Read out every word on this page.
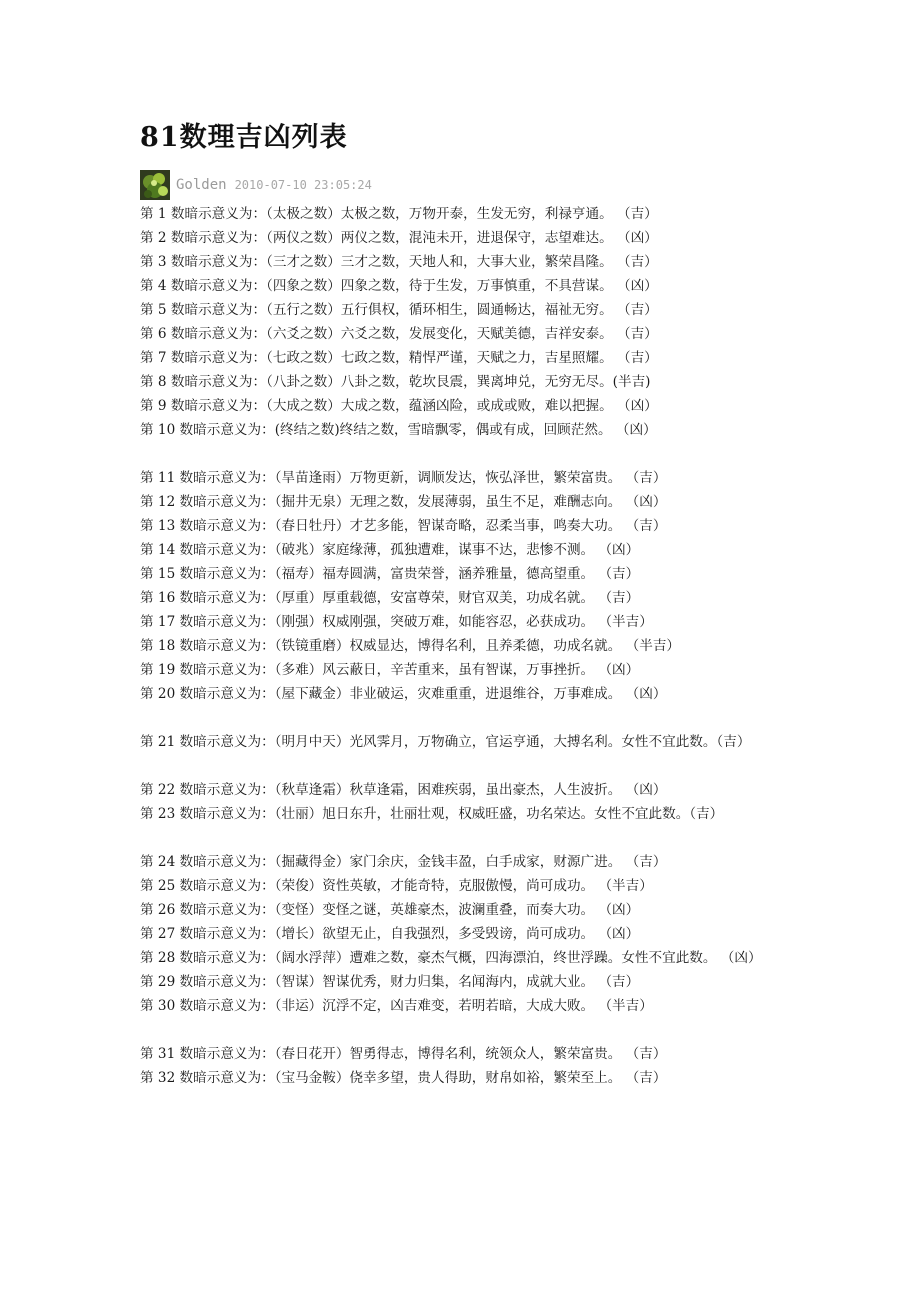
81数理吉凶列表
Golden 2010-07-10 23:05:24
第 1 数暗示意义为：（太极之数）太极之数，万物开泰，生发无穷，利禄亨通。 （吉）
第 2 数暗示意义为：（两仪之数）两仪之数，混沌未开，进退保守，志望难达。 （凶）
第 3 数暗示意义为：（三才之数）三才之数，天地人和，大事大业，繁荣昌隆。 （吉）
第 4 数暗示意义为：（四象之数）四象之数，待于生发，万事慎重，不具营谋。 （凶）
第 5 数暗示意义为：（五行之数）五行俱权，循环相生，圆通畅达，福祉无穷。 （吉）
第 6 数暗示意义为：（六爻之数）六爻之数，发展变化，天赋美德，吉祥安泰。 （吉）
第 7 数暗示意义为：（七政之数）七政之数，精悍严谨，天赋之力，吉星照耀。 （吉）
第 8 数暗示意义为：（八卦之数）八卦之数，乾坎艮震，巽离坤兑，无穷无尽。(半吉)
第 9 数暗示意义为：（大成之数）大成之数，蕴涵凶险，或成或败，难以把握。 （凶）
第 10 数暗示意义为：(终结之数)终结之数，雪暗飘零，偶或有成，回顾茫然。 （凶）
第 11 数暗示意义为：（旱苗逢雨）万物更新，调顺发达，恢弘泽世，繁荣富贵。 （吉）
第 12 数暗示意义为：（掘井无泉）无理之数，发展薄弱，虽生不足，难酬志向。 （凶）
第 13 数暗示意义为：（春日牡丹）才艺多能，智谋奇略，忍柔当事，鸣奏大功。 （吉）
第 14 数暗示意义为：（破兆）家庭缘薄，孤独遭难，谋事不达，悲惨不测。 （凶）
第 15 数暗示意义为：（福寿）福寿圆满，富贵荣誉，涵养雅量，德高望重。 （吉）
第 16 数暗示意义为：（厚重）厚重载德，安富尊荣，财官双美，功成名就。 （吉）
第 17 数暗示意义为：（刚强）权威刚强，突破万难，如能容忍，必获成功。 （半吉）
第 18 数暗示意义为：（铁镜重磨）权威显达，博得名利，且养柔德，功成名就。 （半吉）
第 19 数暗示意义为：（多难）风云蔽日，辛苦重来，虽有智谋，万事挫折。 （凶）
第 20 数暗示意义为：（屋下藏金）非业破运，灾难重重，进退维谷，万事难成。 （凶）
第 21 数暗示意义为：（明月中天）光风霁月，万物确立，官运亨通，大搏名利。女性不宜此数。（吉）
第 22 数暗示意义为：（秋草逢霜）秋草逢霜，困难疾弱，虽出豪杰，人生波折。 （凶）
第 23 数暗示意义为：（壮丽）旭日东升，壮丽壮观，权威旺盛，功名荣达。女性不宜此数。（吉）
第 24 数暗示意义为：（掘藏得金）家门余庆，金钱丰盈，白手成家，财源广进。 （吉）
第 25 数暗示意义为：（荣俊）资性英敏，才能奇特，克服傲慢，尚可成功。 （半吉）
第 26 数暗示意义为：（变怪）变怪之谜，英雄豪杰，波澜重叠，而奏大功。 （凶）
第 27 数暗示意义为：（增长）欲望无止，自我强烈，多受毁谤，尚可成功。 （凶）
第 28 数暗示意义为：（阔水浮萍）遭难之数，豪杰气概，四海漂泊，终世浮躁。女性不宜此数。 （凶）
第 29 数暗示意义为：（智谋）智谋优秀，财力归集，名闻海内，成就大业。 （吉）
第 30 数暗示意义为：（非运）沉浮不定，凶吉难变，若明若暗，大成大败。 （半吉）
第 31 数暗示意义为：（春日花开）智勇得志，博得名利，统领众人，繁荣富贵。 （吉）
第 32 数暗示意义为：（宝马金鞍）侥幸多望，贵人得助，财帛如裕，繁荣至上。 （吉）
